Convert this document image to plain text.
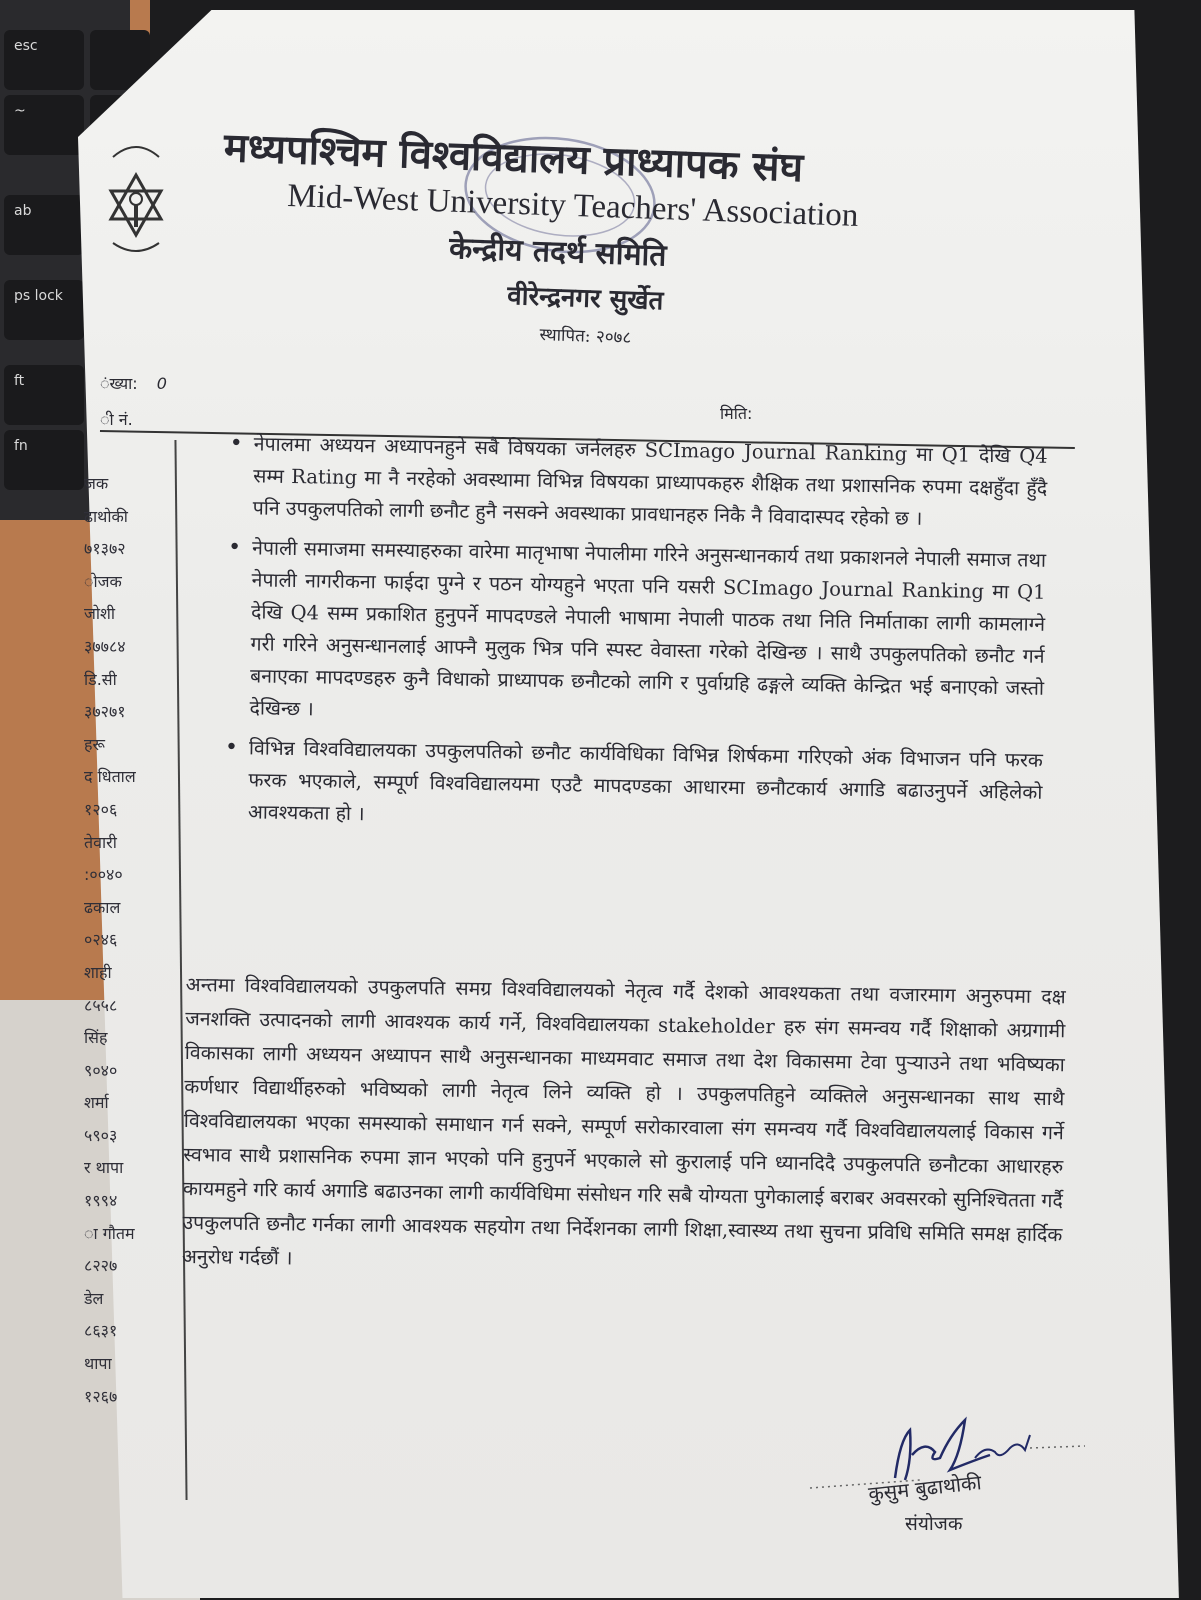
esc
~
ab
ps lock
ft
fn
मध्यपश्चिम विश्वविद्यालय प्राध्यापक संघ
Mid-West University Teachers' Association
केन्द्रीय तदर्थ समिति
वीरेन्द्रनगर सुर्खेत
स्थापित: २०७८
ंख्या: 0
ी नं.	मिति:
जक
ढाथोकी
७१३७२
ोजक
जोशी
३७७८४
डि.सी
३७२७१
हरू
द धिताल
१२०६
तेवारी
:००४०
ढकाल
०२४६
शाही
८५५८
सिंह
९०४०
शर्मा
५९०३
र थापा
१९९४
ा गौतम
८२२७
डेल
८६३१
थापा
१२६७
• नेपालमा अध्ययन अध्यापनहुने सबै विषयका जर्नलहरु SCImago Journal Ranking मा Q1 देखि Q4 सम्म Rating मा नै नरहेको अवस्थामा विभिन्न विषयका प्राध्यापकहरु शैक्षिक तथा प्रशासनिक रुपमा दक्षहुँदा हुँदै पनि उपकुलपतिको लागी छनौट हुनै नसक्ने अवस्थाका प्रावधानहरु निकै नै विवादास्पद रहेको छ ।
• नेपाली समाजमा समस्याहरुका वारेमा मातृभाषा नेपालीमा गरिने अनुसन्धानकार्य तथा प्रकाशनले नेपाली समाज तथा नेपाली नागरीकना फाईदा पुग्ने र पठन योग्यहुने भएता पनि यसरी SCImago Journal Ranking मा Q1 देखि Q4 सम्म प्रकाशित हुनुपर्ने मापदण्डले नेपाली भाषामा नेपाली पाठक तथा निति निर्माताका लागी कामलाग्ने गरी गरिने अनुसन्धानलाई आफ्नै मुलुक भित्र पनि स्पस्ट वेवास्ता गरेको देखिन्छ । साथै उपकुलपतिको छनौट गर्न बनाएका मापदण्डहरु कुनै विधाको प्राध्यापक छनौटको लागि र पुर्वाग्रहि ढङ्गले व्यक्ति केन्द्रित भई बनाएको जस्तो देखिन्छ ।
• विभिन्न विश्वविद्यालयका उपकुलपतिको छनौट कार्यविधिका विभिन्न शिर्षकमा गरिएको अंक विभाजन पनि फरक फरक भएकाले, सम्पूर्ण विश्वविद्यालयमा एउटै मापदण्डका आधारमा छनौटकार्य अगाडि बढाउनुपर्ने अहिलेको आवश्यकता हो ।
अन्तमा विश्वविद्यालयको उपकुलपति समग्र विश्वविद्यालयको नेतृत्व गर्दै देशको आवश्यकता तथा वजारमाग अनुरुपमा दक्ष जनशक्ति उत्पादनको लागी आवश्यक कार्य गर्ने, विश्वविद्यालयका stakeholder हरु संग समन्वय गर्दै शिक्षाको अग्रगामी विकासका लागी अध्ययन अध्यापन साथै अनुसन्धानका माध्यमवाट समाज तथा देश विकासमा टेवा पुऱ्याउने तथा भविष्यका कर्णधार विद्यार्थीहरुको भविष्यको लागी नेतृत्व लिने व्यक्ति हो । उपकुलपतिहुने व्यक्तिले अनुसन्धानका साथ साथै विश्वविद्यालयका भएका समस्याको समाधान गर्न सक्ने, सम्पूर्ण सरोकारवाला संग समन्वय गर्दै विश्वविद्यालयलाई विकास गर्ने स्वभाव साथै प्रशासनिक रुपमा ज्ञान भएको पनि हुनुपर्ने भएकाले सो कुरालाई पनि ध्यानदिदै उपकुलपति छनौटका आधारहरु कायमहुने गरि कार्य अगाडि बढाउनका लागी कार्यविधिमा संसोधन गरि सबै योग्यता पुगेकालाई बराबर अवसरको सुनिश्चितता गर्दै उपकुलपति छनौट गर्नका लागी आवश्यक सहयोग तथा निर्देशनका लागी शिक्षा,स्वास्थ्य तथा सुचना प्रविधि समिति समक्ष हार्दिक अनुरोध गर्दछौं ।
कुसुम बुढाथोकी
संयोजक
